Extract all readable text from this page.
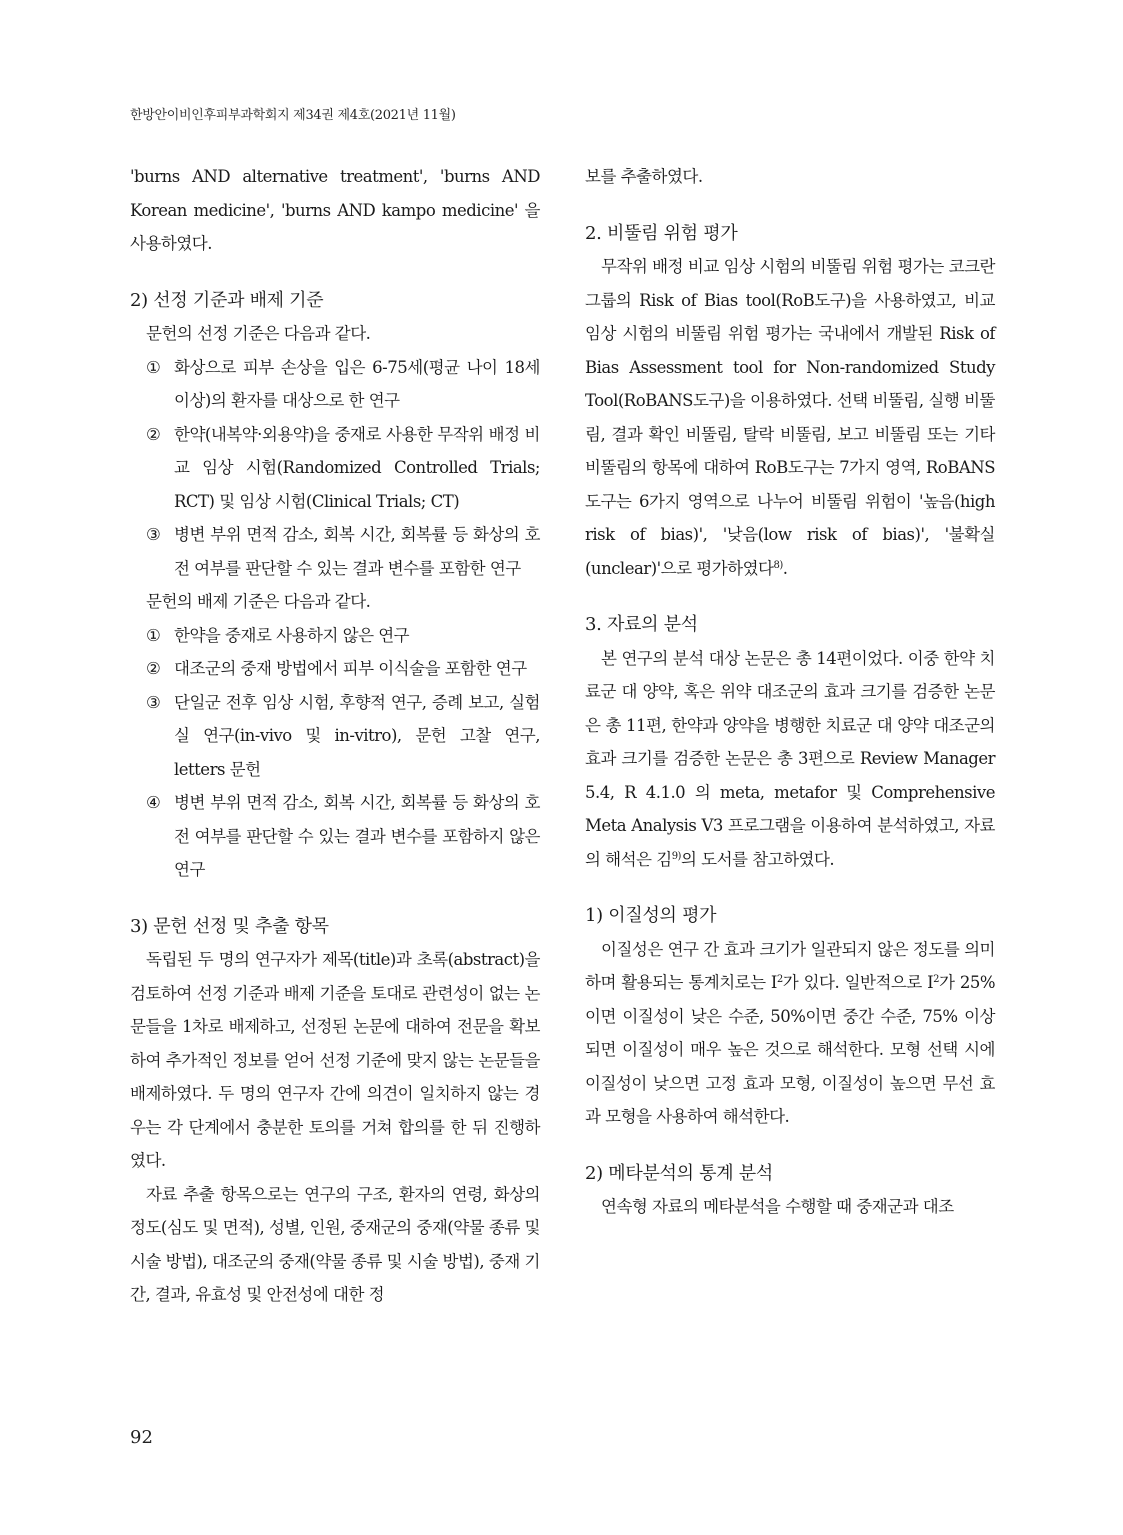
한방안이비인후피부과학회지 제34권 제4호(2021년 11월)

'burns AND alternative treatment', 'burns AND Korean medicine', 'burns AND kampo medicine' 을 사용하였다.

2) 선정 기준과 배제 기준

문헌의 선정 기준은 다음과 같다.

① 화상으로 피부 손상을 입은 6-75세(평균 나이 18세 이상)의 환자를 대상으로 한 연구
② 한약(내복약·외용약)을 중재로 사용한 무작위 배정 비교 임상 시험(Randomized Controlled Trials; RCT) 및 임상 시험(Clinical Trials; CT)
③ 병변 부위 면적 감소, 회복 시간, 회복률 등 화상의 호전 여부를 판단할 수 있는 결과 변수를 포함한 연구

문헌의 배제 기준은 다음과 같다.

① 한약을 중재로 사용하지 않은 연구
② 대조군의 중재 방법에서 피부 이식술을 포함한 연구
③ 단일군 전후 임상 시험, 후향적 연구, 증례 보고, 실험실 연구(in-vivo 및 in-vitro), 문헌 고찰 연구, letters 문헌
④ 병변 부위 면적 감소, 회복 시간, 회복률 등 화상의 호전 여부를 판단할 수 있는 결과 변수를 포함하지 않은 연구
3) 문헌 선정 및 추출 항목

독립된 두 명의 연구자가 제목(title)과 초록(abstract)을 검토하여 선정 기준과 배제 기준을 토대로 관련성이 없는 논문들을 1차로 배제하고, 선정된 논문에 대하여 전문을 확보하여 추가적인 정보를 얻어 선정 기준에 맞지 않는 논문들을 배제하였다. 두 명의 연구자 간에 의견이 일치하지 않는 경우는 각 단계에서 충분한 토의를 거쳐 합의를 한 뒤 진행하였다.

자료 추출 항목으로는 연구의 구조, 환자의 연령, 화상의 정도(심도 및 면적), 성별, 인원, 중재군의 중재(약물 종류 및 시술 방법), 대조군의 중재(약물 종류 및 시술 방법), 중재 기간, 결과, 유효성 및 안전성에 대한 정

보를 추출하였다.

2. 비뚤림 위험 평가

무작위 배정 비교 임상 시험의 비뚤림 위험 평가는 코크란 그룹의 Risk of Bias tool(RoB도구)을 사용하였고, 비교 임상 시험의 비뚤림 위험 평가는 국내에서 개발된 Risk of Bias Assessment tool for Non-randomized Study Tool(RoBANS도구)을 이용하였다. 선택 비뚤림, 실행 비뚤림, 결과 확인 비뚤림, 탈락 비뚤림, 보고 비뚤림 또는 기타 비뚤림의 항목에 대하여 RoB도구는 7가지 영역, RoBANS도구는 6가지 영역으로 나누어 비뚤림 위험이 '높음(high risk of bias)', '낮음(low risk of bias)', '불확실(unclear)'으로 평가하였다$^{8)}$.

3. 자료의 분석

본 연구의 분석 대상 논문은 총 14편이었다. 이중 한약 치료군 대 양약, 혹은 위약 대조군의 효과 크기를 검증한 논문은 총 11편, 한약과 양약을 병행한 치료군 대 양약 대조군의 효과 크기를 검증한 논문은 총 3편으로 Review Manager 5.4, R 4.1.0 의 meta, metafor 및 Comprehensive Meta Analysis V3 프로그램을 이용하여 분석하였고, 자료의 해석은 김$^{9)}$의 도서를 참고하였다.

1) 이질성의 평가

이질성은 연구 간 효과 크기가 일관되지 않은 정도를 의미하며 활용되는 통계치로는 $I^2$가 있다. 일반적으로 $I^2$가 25%이면 이질성이 낮은 수준, 50%이면 중간 수준, 75% 이상 되면 이질성이 매우 높은 것으로 해석한다. 모형 선택 시에 이질성이 낮으면 고정 효과 모형, 이질성이 높으면 무선 효과 모형을 사용하여 해석한다.

2) 메타분석의 통계 분석

연속형 자료의 메타분석을 수행할 때 중재군과 대조

92
